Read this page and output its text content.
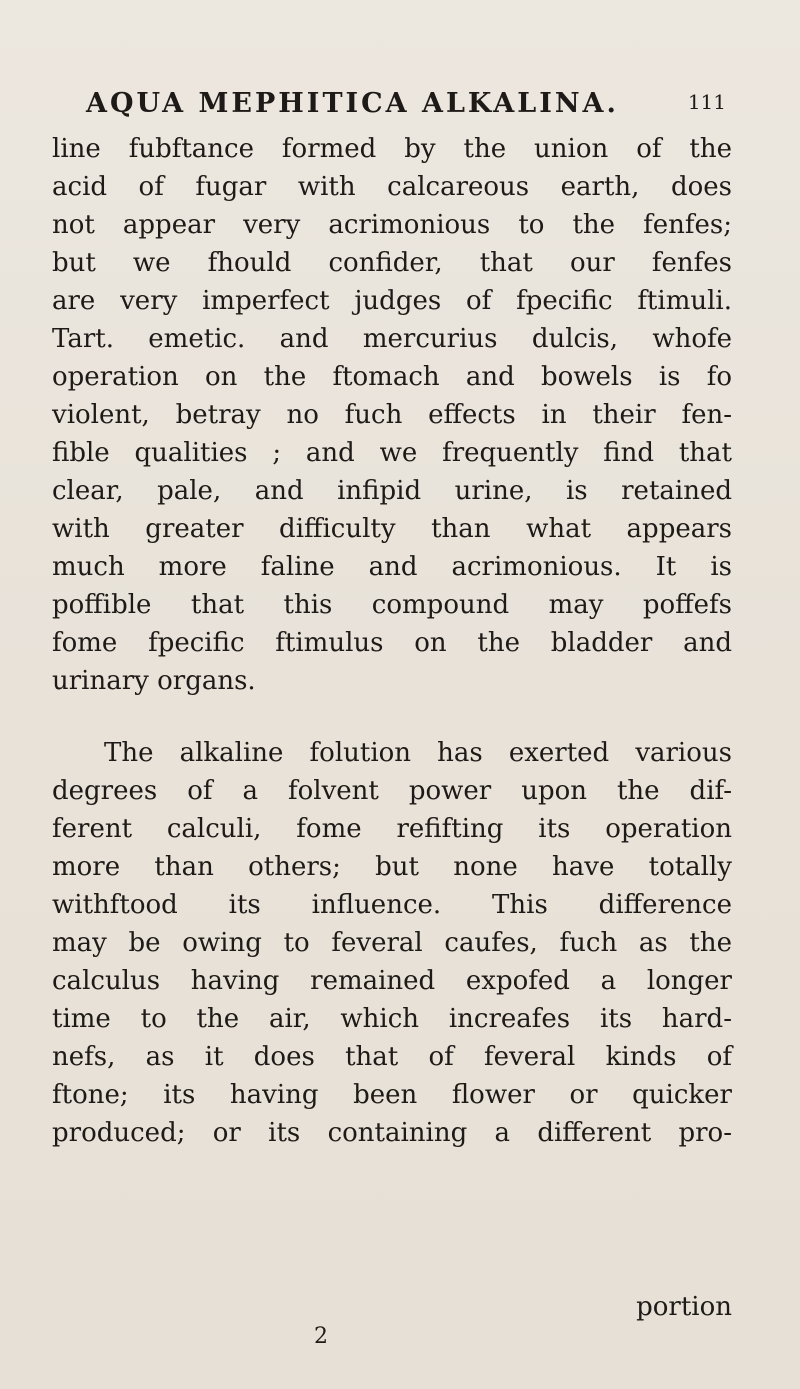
AQUA MEPHITICA ALKALINA.	111
line fubftance formed by the union of the
acid of fugar with calcareous earth, does
not appear very acrimonious to the fenfes;
but we fhould confider, that our fenfes
are very imperfect judges of fpecific ftimuli.
Tart. emetic. and mercurius dulcis, whofe
operation on the ftomach and bowels is fo
violent, betray no fuch effects in their fen-
fible qualities ; and we frequently find that
clear, pale, and infipid urine, is retained
with greater difficulty than what appears
much more faline and acrimonious. It is
poffible that this compound may poffefs
fome fpecific ftimulus on the bladder and
urinary organs.
The alkaline folution has exerted various
degrees of a folvent power upon the dif-
ferent calculi, fome refifting its operation
more than others; but none have totally
withftood its influence. This difference
may be owing to feveral caufes, fuch as the
calculus having remained expofed a longer
time to the air, which increafes its hard-
nefs, as it does that of feveral kinds of
ftone; its having been flower or quicker
produced; or its containing a different pro-
portion
2
